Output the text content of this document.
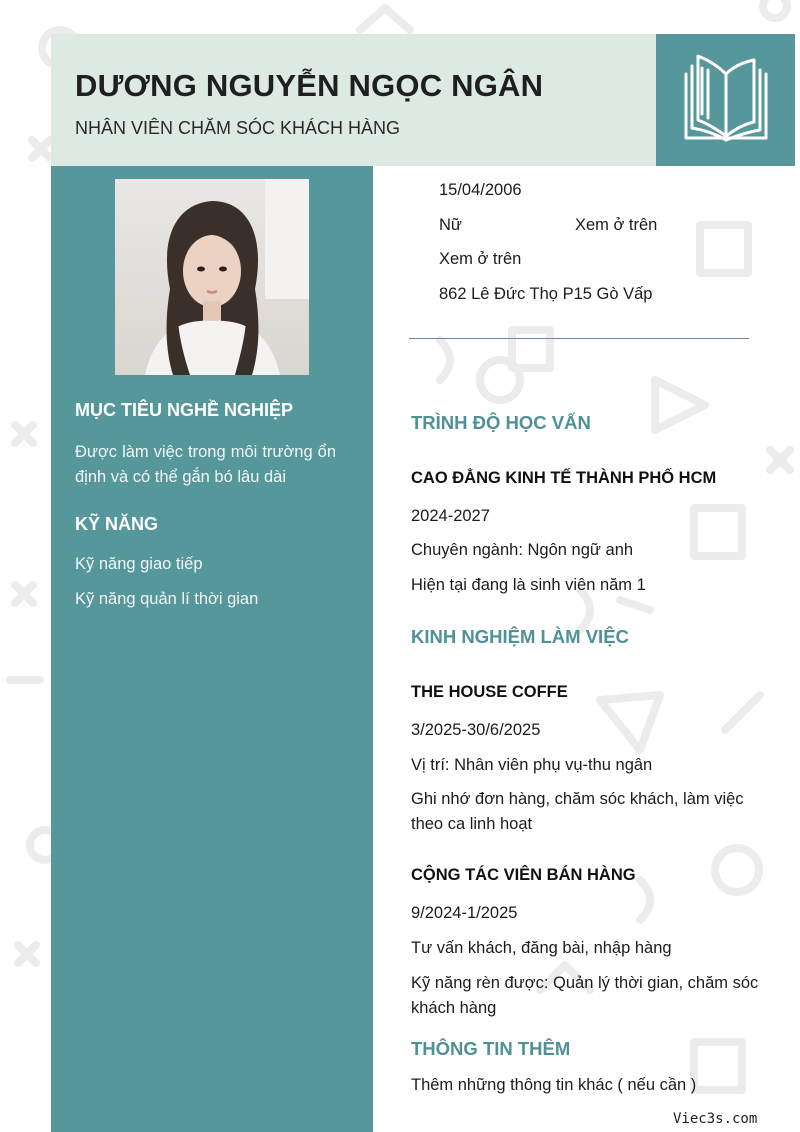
DƯƠNG NGUYỄN NGỌC NGÂN
NHÂN VIÊN CHĂM SÓC KHÁCH HÀNG
MỤC TIÊU NGHỀ NGHIỆP
Được làm việc trong môi trường ổn định và có thể gắn bó lâu dài
KỸ NĂNG
Kỹ năng giao tiếp
Kỹ năng quản lí thời gian
15/04/2006
Nữ	Xem ở trên
Xem ở trên
862 Lê Đức Thọ P15 Gò Vấp
TRÌNH ĐỘ HỌC VẤN
CAO ĐẲNG KINH TẾ THÀNH PHỐ HCM
2024-2027
Chuyên ngành: Ngôn ngữ anh
Hiện tại đang là sinh viên năm 1
KINH NGHIỆM LÀM VIỆC
THE HOUSE COFFE
3/2025-30/6/2025
Vị trí: Nhân viên phụ vụ-thu ngân
Ghi nhớ đơn hàng, chăm sóc khách, làm việc theo ca linh hoạt
CỘNG TÁC VIÊN BÁN HÀNG
9/2024-1/2025
Tư vấn khách, đăng bài, nhập hàng
Kỹ năng rèn được: Quản lý thời gian, chăm sóc khách hàng
THÔNG TIN THÊM
Thêm những thông tin khác ( nếu cần )
Viec3s.com
